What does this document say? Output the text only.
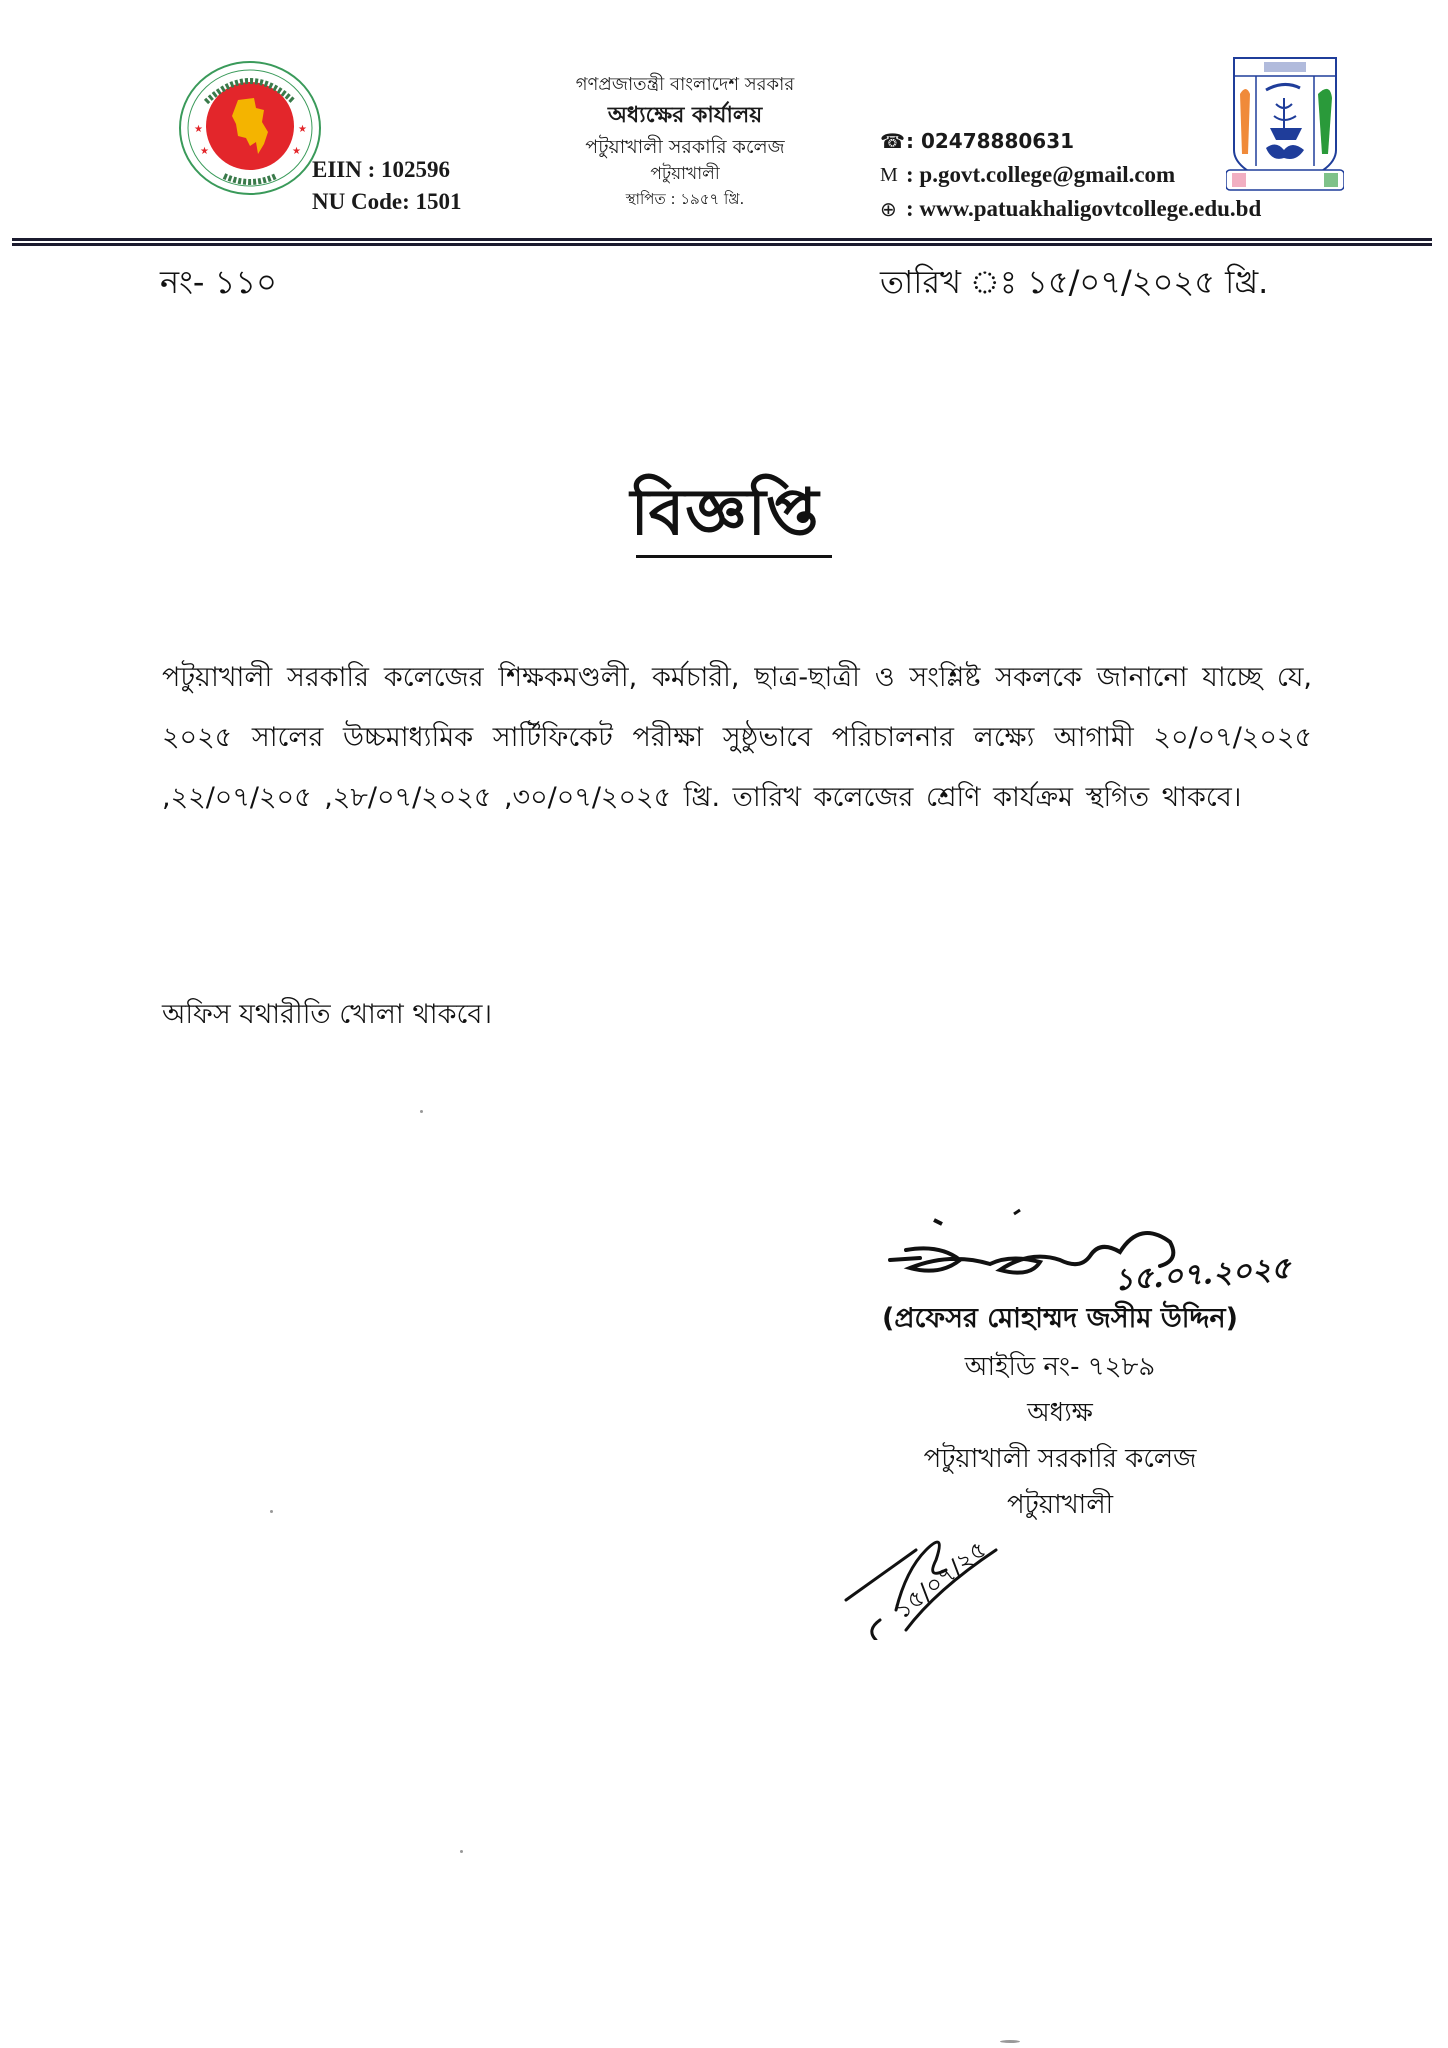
★	★
★	★
EIIN : 102596
NU Code: 1501
গণপ্রজাতন্ত্রী বাংলাদেশ সরকার
অধ্যক্ষের কার্যালয়
পটুয়াখালী সরকারি কলেজ
পটুয়াখালী
স্থাপিত : ১৯৫৭ খ্রি.
☎ : 02478880631
M : p.govt.college@gmail.com
⊕ : www.patuakhaligovtcollege.edu.bd
নং- ১১০	তারিখ ঃ ১৫/০৭/২০২৫ খ্রি.
বিজ্ঞপ্তি
পটুয়াখালী সরকারি কলেজের শিক্ষকমণ্ডলী, কর্মচারী, ছাত্র-ছাত্রী ও সংশ্লিষ্ট সকলকে জানানো যাচ্ছে যে, ২০২৫ সালের উচ্চমাধ্যমিক সার্টিফিকেট পরীক্ষা সুষ্ঠুভাবে পরিচালনার লক্ষ্যে আগামী ২০/০৭/২০২৫ ,২২/০৭/২০৫ ,২৮/০৭/২০২৫ ,৩০/০৭/২০২৫ খ্রি. তারিখ কলেজের শ্রেণি কার্যক্রম স্থগিত থাকবে।
অফিস যথারীতি খোলা থাকবে।
১৫.০৭.২০২৫
(প্রফেসর মোহাম্মদ জসীম উদ্দিন)
আইডি নং- ৭২৮৯
অধ্যক্ষ
পটুয়াখালী সরকারি কলেজ
পটুয়াখালী
১৫/০৭/২৫
